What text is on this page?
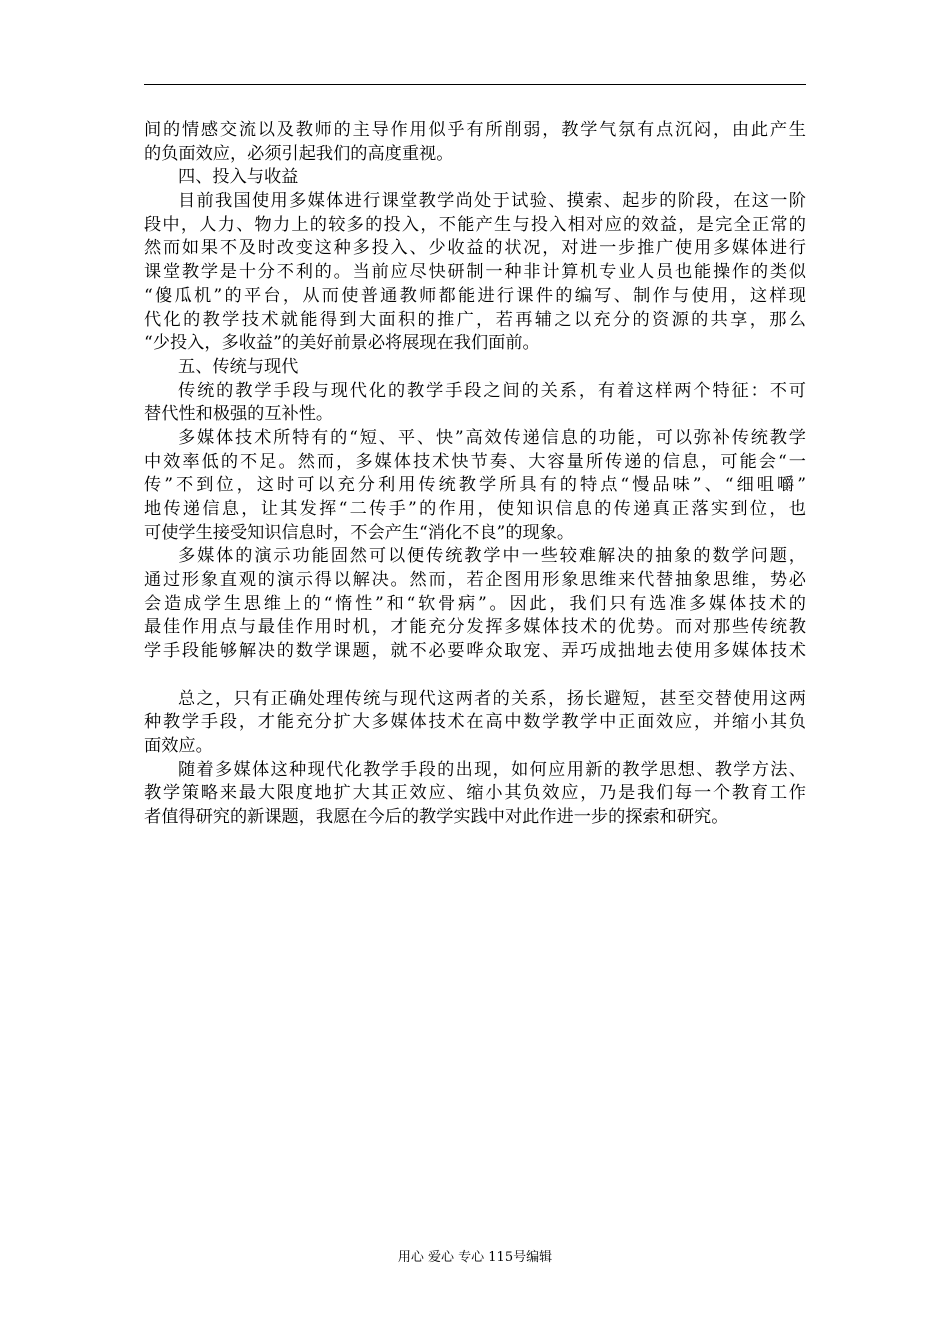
间的情感交流以及教师的主导作用似乎有所削弱，教学气氛有点沉闷，由此产生
的负面效应，必须引起我们的高度重视。
四、投入与收益
目前我国使用多媒体进行课堂教学尚处于试验、摸索、起步的阶段，在这一阶
段中，人力、物力上的较多的投入，不能产生与投入相对应的效益，是完全正常的
然而如果不及时改变这种多投入、少收益的状况，对进一步推广使用多媒体进行
课堂教学是十分不利的。当前应尽快研制一种非计算机专业人员也能操作的类似
“傻瓜机”的平台，从而使普通教师都能进行课件的编写、制作与使用，这样现
代化的教学技术就能得到大面积的推广，若再辅之以充分的资源的共享，那么
“少投入，多收益”的美好前景必将展现在我们面前。
五、传统与现代
传统的教学手段与现代化的教学手段之间的关系，有着这样两个特征：不可
替代性和极强的互补性。
多媒体技术所特有的“短、平、快”高效传递信息的功能，可以弥补传统教学
中效率低的不足。然而，多媒体技术快节奏、大容量所传递的信息，可能会“一
传”不到位，这时可以充分利用传统教学所具有的特点“慢品味”、“细咀嚼”
地传递信息，让其发挥“二传手”的作用，使知识信息的传递真正落实到位，也
可使学生接受知识信息时，不会产生“消化不良”的现象。
多媒体的演示功能固然可以便传统教学中一些较难解决的抽象的数学问题，
通过形象直观的演示得以解决。然而，若企图用形象思维来代替抽象思维，势必
会造成学生思维上的“惰性”和“软骨病”。因此，我们只有选准多媒体技术的
最佳作用点与最佳作用时机，才能充分发挥多媒体技术的优势。而对那些传统教
学手段能够解决的数学课题，就不必要哗众取宠、弄巧成拙地去使用多媒体技术
总之，只有正确处理传统与现代这两者的关系，扬长避短，甚至交替使用这两
种教学手段，才能充分扩大多媒体技术在高中数学教学中正面效应，并缩小其负
面效应。
随着多媒体这种现代化教学手段的出现，如何应用新的教学思想、教学方法、
教学策略来最大限度地扩大其正效应、缩小其负效应，乃是我们每一个教育工作
者值得研究的新课题，我愿在今后的教学实践中对此作进一步的探索和研究。
用心 爱心 专心 115号编辑
